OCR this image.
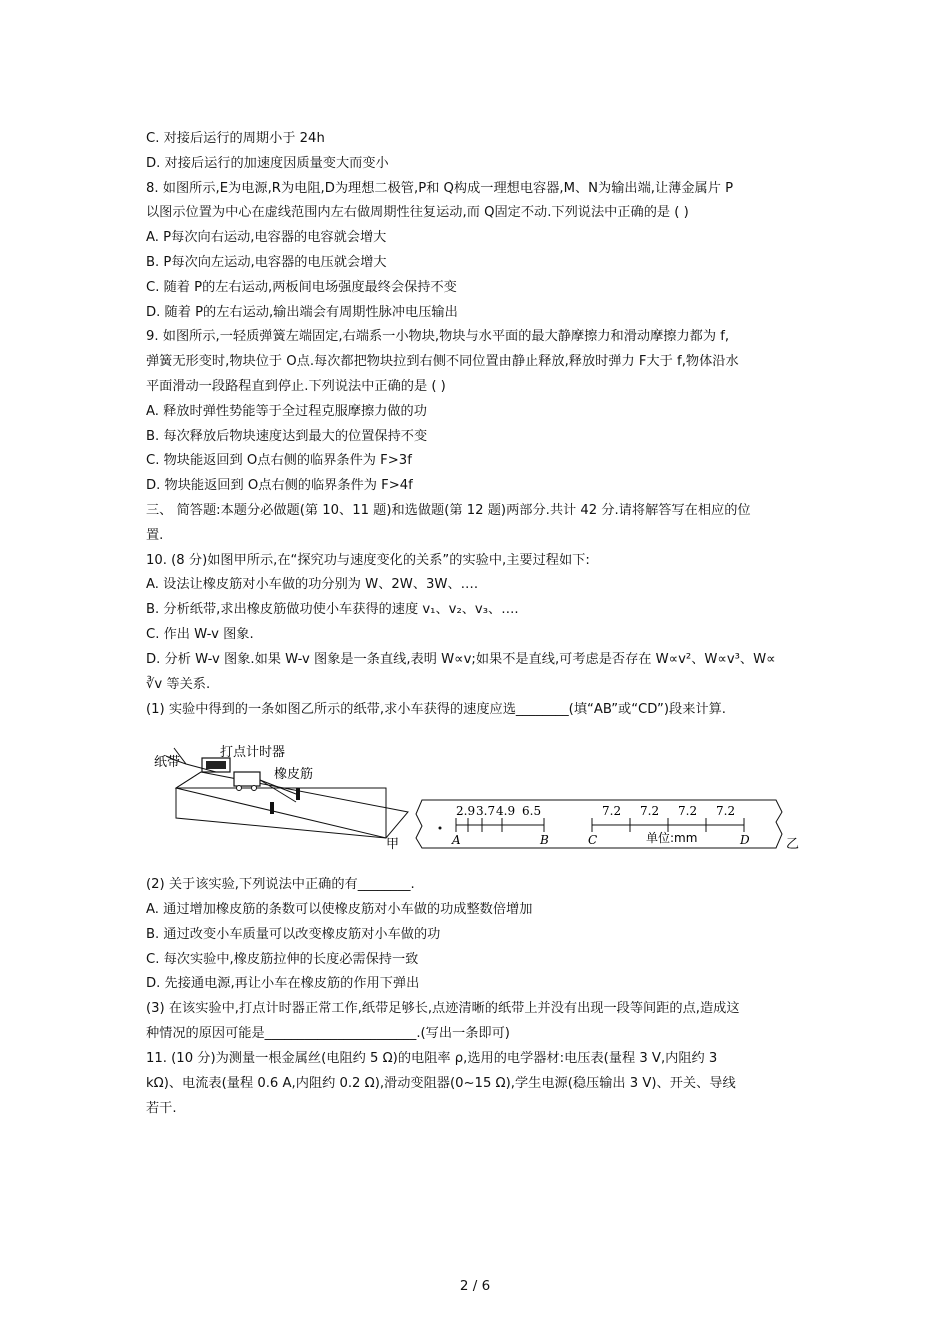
C. 对接后运行的周期小于 24h
D. 对接后运行的加速度因质量变大而变小
8. 如图所示,E为电源,R为电阻,D为理想二极管,P和 Q构成一理想电容器,M、N为输出端,让薄金属片 P
以图示位置为中心在虚线范围内左右做周期性往复运动,而 Q固定不动.下列说法中正确的是 ( )
A. P每次向右运动,电容器的电容就会增大
B. P每次向左运动,电容器的电压就会增大
C. 随着 P的左右运动,两板间电场强度最终会保持不变
D. 随着 P的左右运动,输出端会有周期性脉冲电压输出
9. 如图所示,一轻质弹簧左端固定,右端系一小物块,物块与水平面的最大静摩擦力和滑动摩擦力都为 f,
弹簧无形变时,物块位于 O点.每次都把物块拉到右侧不同位置由静止释放,释放时弹力 F大于 f,物体沿水
平面滑动一段路程直到停止.下列说法中正确的是 ( )
A. 释放时弹性势能等于全过程克服摩擦力做的功
B. 每次释放后物块速度达到最大的位置保持不变
C. 物块能返回到 O点右侧的临界条件为 F>3f
D. 物块能返回到 O点右侧的临界条件为 F>4f
三、 简答题:本题分必做题(第 10、11 题)和选做题(第 12 题)两部分.共计 42 分.请将解答写在相应的位
置.
10. (8 分)如图甲所示,在“探究功与速度变化的关系”的实验中,主要过程如下:
A. 设法让橡皮筋对小车做的功分别为 W、2W、3W、….
B. 分析纸带,求出橡皮筋做功使小车获得的速度 v₁、v₂、v₃、….
C. 作出 W-v 图象.
D. 分析 W-v 图象.如果 W-v 图象是一条直线,表明 W∝v;如果不是直线,可考虑是否存在 W∝v²、W∝v³、W∝
∛v 等关系.
(1) 实验中得到的一条如图乙所示的纸带,求小车获得的速度应选________(填“AB”或“CD”)段来计算.
纸带
打点计时器
橡皮筋
甲
2.9 3.7 4.9 6.5	7.2 7.2 7.2 7.2
A	B	C	D
单位:mm	乙
(2) 关于该实验,下列说法中正确的有________.
A. 通过增加橡皮筋的条数可以使橡皮筋对小车做的功成整数倍增加
B. 通过改变小车质量可以改变橡皮筋对小车做的功
C. 每次实验中,橡皮筋拉伸的长度必需保持一致
D. 先接通电源,再让小车在橡皮筋的作用下弹出
(3) 在该实验中,打点计时器正常工作,纸带足够长,点迹清晰的纸带上并没有出现一段等间距的点,造成这
种情况的原因可能是_______________________.(写出一条即可)
11. (10 分)为测量一根金属丝(电阻约 5 Ω)的电阻率 ρ,选用的电学器材:电压表(量程 3 V,内阻约 3
kΩ)、电流表(量程 0.6 A,内阻约 0.2 Ω),滑动变阻器(0~15 Ω),学生电源(稳压输出 3 V)、开关、导线
若干.
2 / 6
